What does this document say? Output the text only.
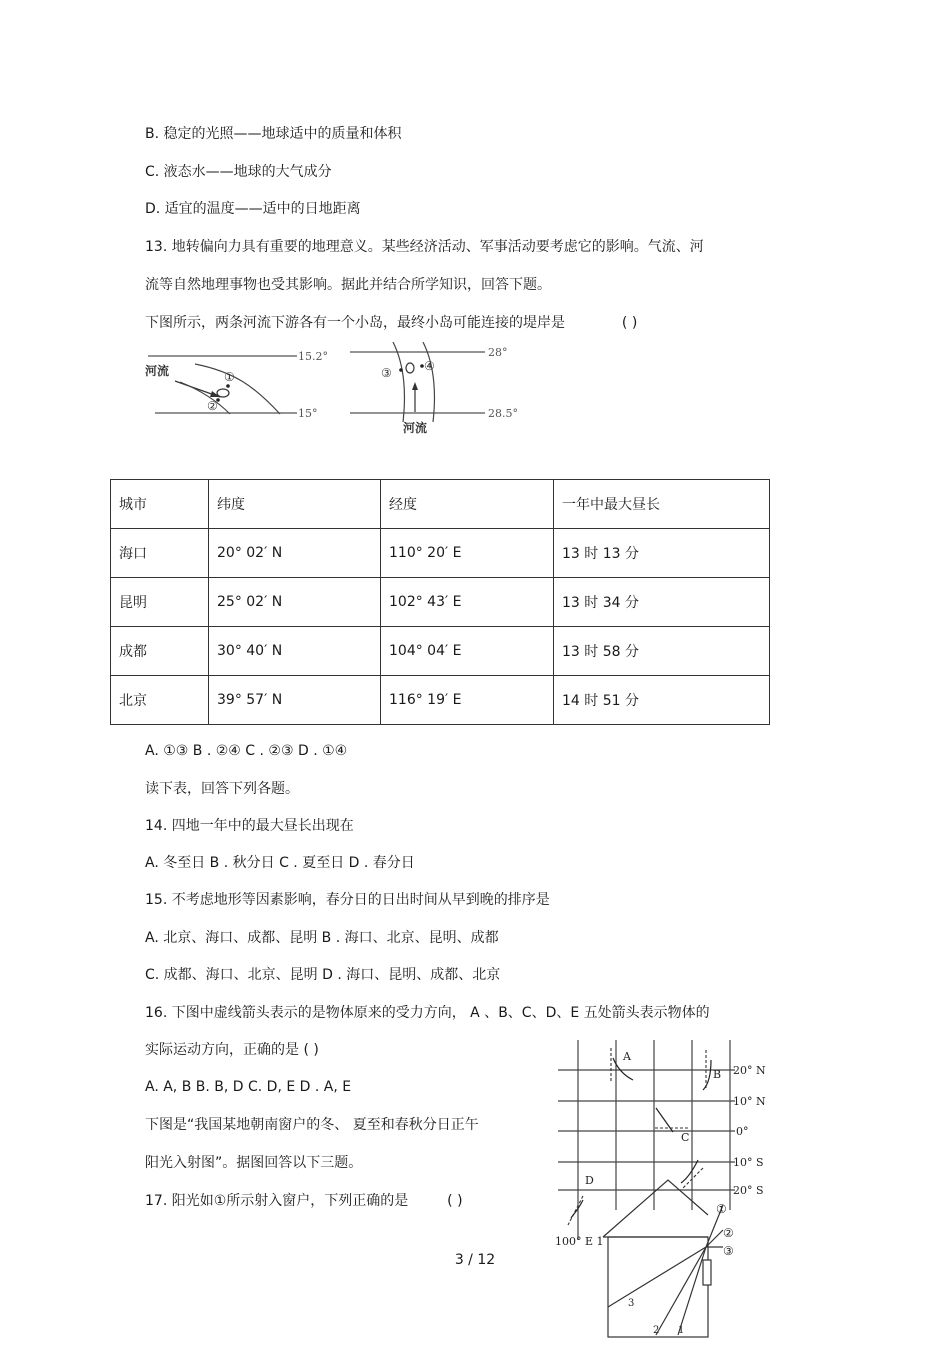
B. 稳定的光照——地球适中的质量和体积
C. 液态水——地球的大气成分
D. 适宜的温度——适中的日地距离
13. 地转偏向力具有重要的地理意义。某些经济活动、军事活动要考虑它的影响。气流、河
流等自然地理事物也受其影响。据此并结合所学知识，回答下题。
下图所示，两条河流下游各有一个小岛，最终小岛可能连接的堤岸是	( )
15.2°
15°
河流	①
②
28°
28.5°
③	④
河流
城市	纬度	经度	一年中最大昼长
海口	20° 02′ N	110° 20′ E	13 时 13 分
昆明	25° 02′ N	102° 43′ E	13 时 34 分
成都	30° 40′ N	104° 04′ E	13 时 58 分
北京	39° 57′ N	116° 19′ E	14 时 51 分
A. ①③ B . ②④ C . ②③ D . ①④
读下表，回答下列各题。
14. 四地一年中的最大昼长出现在
A. 冬至日 B . 秋分日 C . 夏至日 D . 春分日
15. 不考虑地形等因素影响，春分日的日出时间从早到晚的排序是
A. 北京、海口、成都、昆明 B . 海口、北京、昆明、成都
C. 成都、海口、北京、昆明 D . 海口、昆明、成都、北京
16. 下图中虚线箭头表示的是物体原来的受力方向， A 、B、C、D、E 五处箭头表示物体的
实际运动方向，正确的是 ( )
A. A, B B. B, D C. D, E D . A, E
下图是“我国某地朝南窗户的冬、 夏至和春秋分日正午
阳光入射图”。据图回答以下三题。
17. 阳光如①所示射入窗户，下列正确的是	( )
A
B
C
D
20° N
10° N
0°
10° S
20° S
100° E 1
①
②
③
3
2 1
3 / 12
